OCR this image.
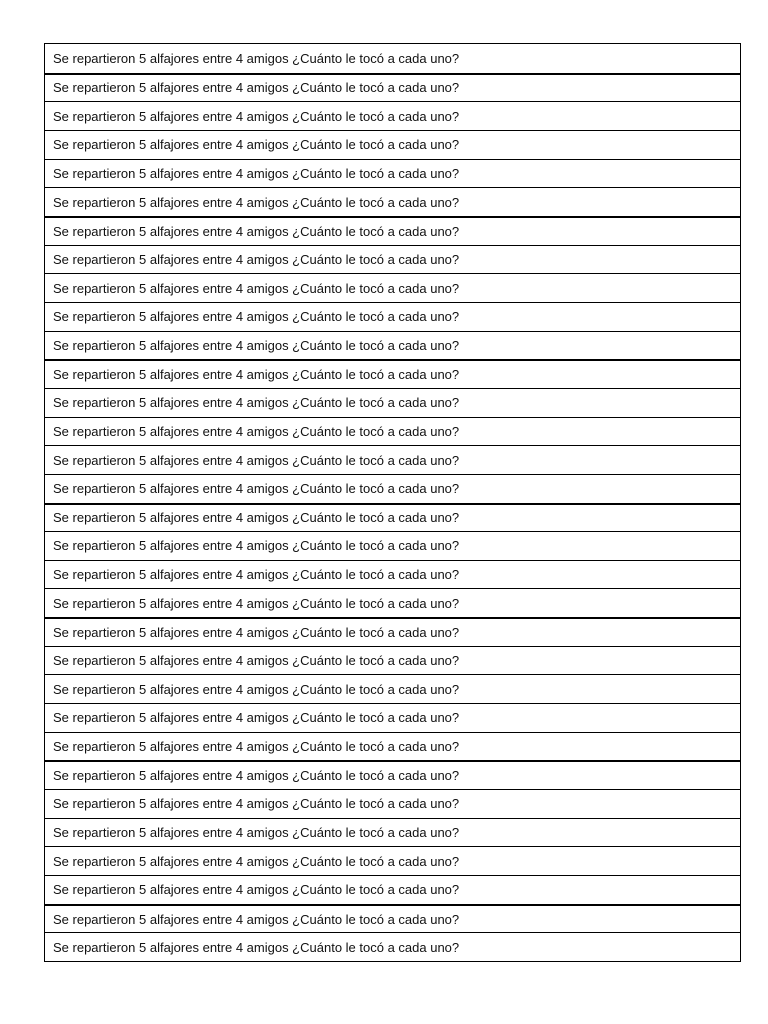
Se repartieron 5 alfajores entre 4 amigos ¿Cuánto le tocó a cada uno?
Se repartieron 5 alfajores entre 4 amigos ¿Cuánto le tocó a cada uno?
Se repartieron 5 alfajores entre 4 amigos ¿Cuánto le tocó a cada uno?
Se repartieron 5 alfajores entre 4 amigos ¿Cuánto le tocó a cada uno?
Se repartieron 5 alfajores entre 4 amigos ¿Cuánto le tocó a cada uno?
Se repartieron 5 alfajores entre 4 amigos ¿Cuánto le tocó a cada uno?
Se repartieron 5 alfajores entre 4 amigos ¿Cuánto le tocó a cada uno?
Se repartieron 5 alfajores entre 4 amigos ¿Cuánto le tocó a cada uno?
Se repartieron 5 alfajores entre 4 amigos ¿Cuánto le tocó a cada uno?
Se repartieron 5 alfajores entre 4 amigos ¿Cuánto le tocó a cada uno?
Se repartieron 5 alfajores entre 4 amigos ¿Cuánto le tocó a cada uno?
Se repartieron 5 alfajores entre 4 amigos ¿Cuánto le tocó a cada uno?
Se repartieron 5 alfajores entre 4 amigos ¿Cuánto le tocó a cada uno?
Se repartieron 5 alfajores entre 4 amigos ¿Cuánto le tocó a cada uno?
Se repartieron 5 alfajores entre 4 amigos ¿Cuánto le tocó a cada uno?
Se repartieron 5 alfajores entre 4 amigos ¿Cuánto le tocó a cada uno?
Se repartieron 5 alfajores entre 4 amigos ¿Cuánto le tocó a cada uno?
Se repartieron 5 alfajores entre 4 amigos ¿Cuánto le tocó a cada uno?
Se repartieron 5 alfajores entre 4 amigos ¿Cuánto le tocó a cada uno?
Se repartieron 5 alfajores entre 4 amigos ¿Cuánto le tocó a cada uno?
Se repartieron 5 alfajores entre 4 amigos ¿Cuánto le tocó a cada uno?
Se repartieron 5 alfajores entre 4 amigos ¿Cuánto le tocó a cada uno?
Se repartieron 5 alfajores entre 4 amigos ¿Cuánto le tocó a cada uno?
Se repartieron 5 alfajores entre 4 amigos ¿Cuánto le tocó a cada uno?
Se repartieron 5 alfajores entre 4 amigos ¿Cuánto le tocó a cada uno?
Se repartieron 5 alfajores entre 4 amigos ¿Cuánto le tocó a cada uno?
Se repartieron 5 alfajores entre 4 amigos ¿Cuánto le tocó a cada uno?
Se repartieron 5 alfajores entre 4 amigos ¿Cuánto le tocó a cada uno?
Se repartieron 5 alfajores entre 4 amigos ¿Cuánto le tocó a cada uno?
Se repartieron 5 alfajores entre 4 amigos ¿Cuánto le tocó a cada uno?
Se repartieron 5 alfajores entre 4 amigos ¿Cuánto le tocó a cada uno?
Se repartieron 5 alfajores entre 4 amigos ¿Cuánto le tocó a cada uno?
